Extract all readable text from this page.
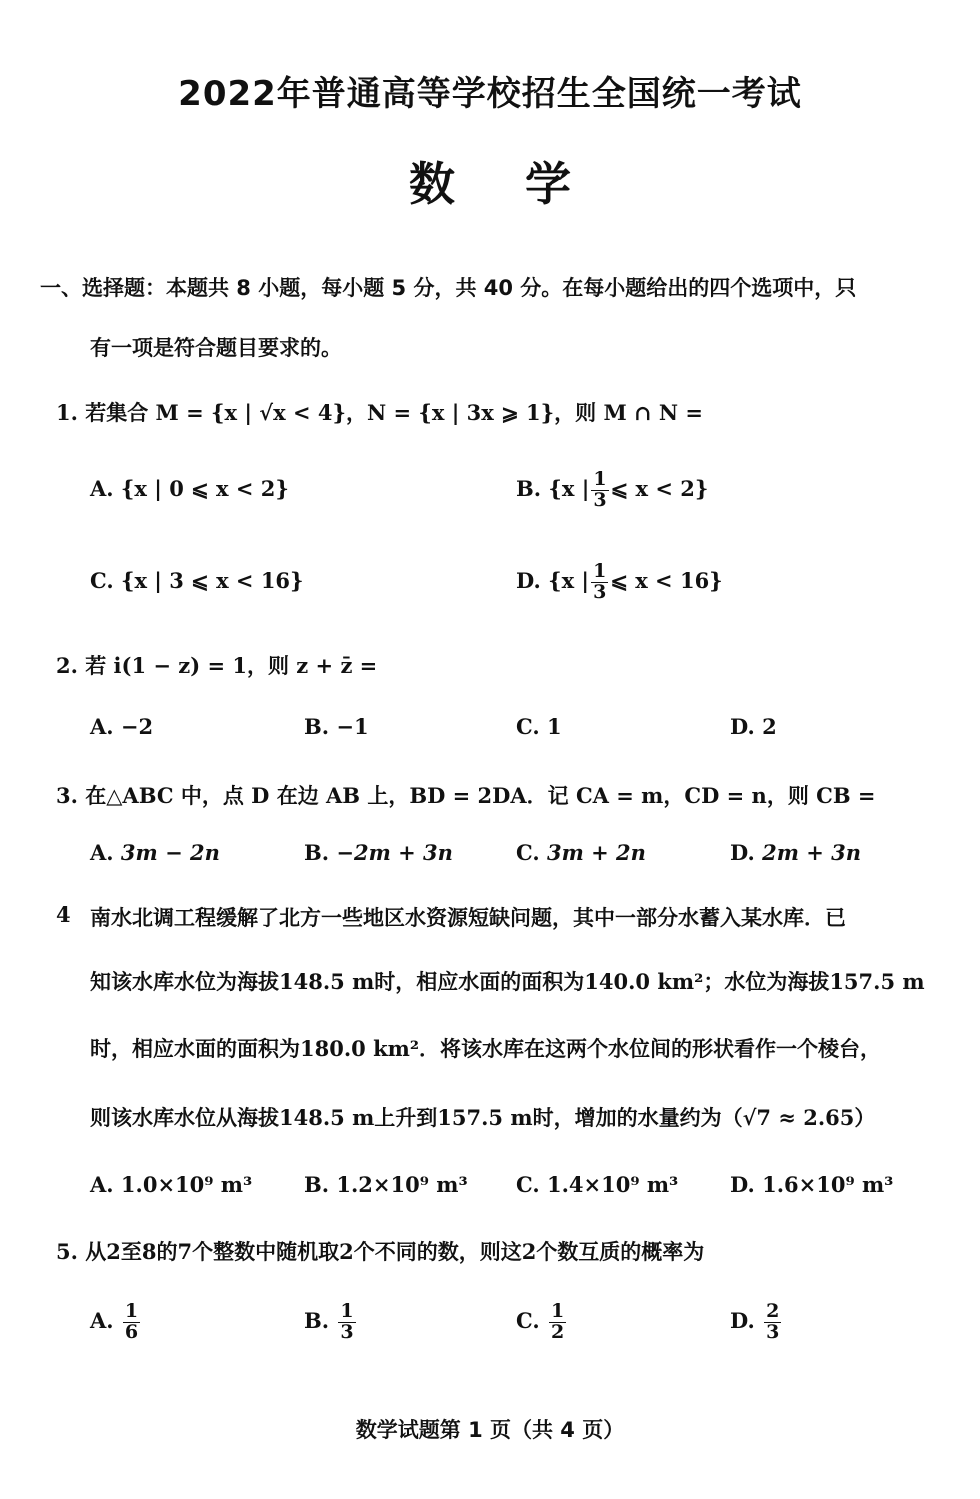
2022年普通高等学校招生全国统一考试
数学
一、选择题：本题共 8 小题，每小题 5 分，共 40 分。在每小题给出的四个选项中，只
有一项是符合题目要求的。
1. 若集合 M = {x | √x < 4}，N = {x | 3x ⩾ 1}，则 M ∩ N =
A. {x | 0 ⩽ x < 2}	B. {x | $\frac{1}{3}$ ⩽ x < 2}
C. {x | 3 ⩽ x < 16}	D. {x | $\frac{1}{3}$ ⩽ x < 16}
2. 若 i(1 − z) = 1，则 z + z̄ =
A. −2	B. −1	C. 1	D. 2
3. 在△ABC 中，点 D 在边 AB 上，BD = 2DA．记 CA = m，CD = n，则 CB =
A. 3m − 2n	B. −2m + 3n	C. 3m + 2n	D. 2m + 3n
4 南水北调工程缓解了北方一些地区水资源短缺问题，其中一部分水蓄入某水库．已
知该水库水位为海拔148.5 m时，相应水面的面积为140.0 km²；水位为海拔157.5 m
时，相应水面的面积为180.0 km²．将该水库在这两个水位间的形状看作一个棱台，
则该水库水位从海拔148.5 m上升到157.5 m时，增加的水量约为（√7 ≈ 2.65）
A. 1.0×10⁹ m³ B. 1.2×10⁹ m³ C. 1.4×10⁹ m³ D. 1.6×10⁹ m³
5. 从2至8的7个整数中随机取2个不同的数，则这2个数互质的概率为
A. $\frac{1}{6}$	B. $\frac{1}{3}$	C. $\frac{1}{2}$	D. $\frac{2}{3}$
数学试题第 1 页（共 4 页）
